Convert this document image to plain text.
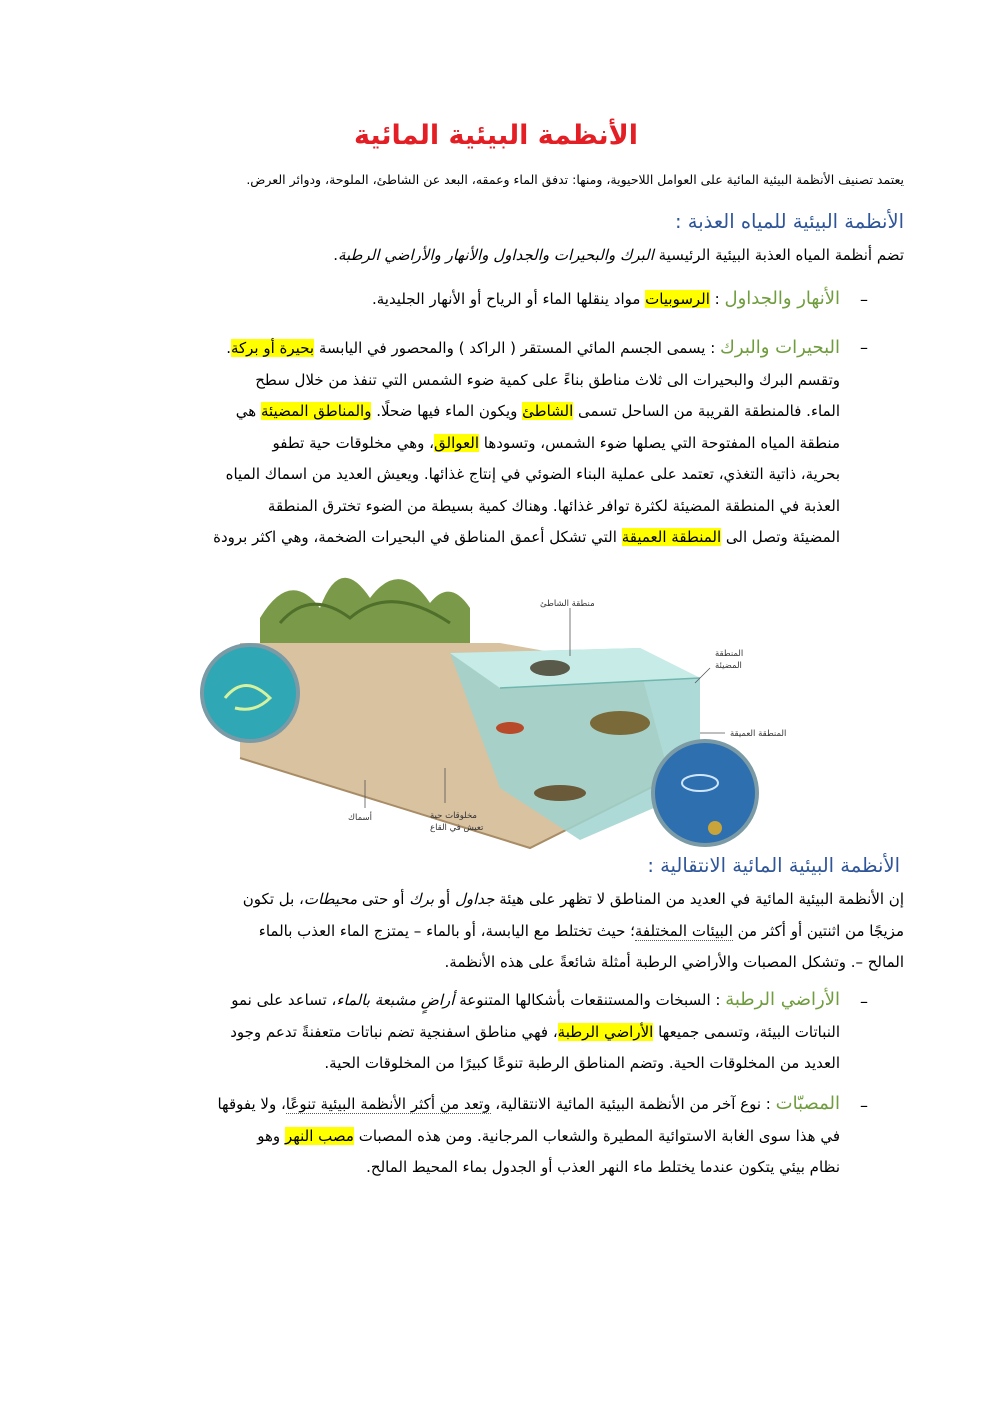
الأنظمة البيئية المائية
يعتمد تصنيف الأنظمة البيئية المائية على العوامل اللاحيوية، ومنها: تدفق الماء وعمقه، البعد عن الشاطئ، الملوحة، ودوائر العرض.
الأنظمة البيئية للمياه العذبة :
تضم أنظمة المياه العذبة البيئية الرئيسية البرك والبحيرات والجداول والأنهار والأراضي الرطبة.
–
الأنهار والجداول : الرسوبيات مواد ينقلها الماء أو الرياح أو الأنهار الجليدية.
–

البحيرات والبرك : يسمى الجسم المائي المستقر ( الراكد ) والمحصور في اليابسة بحيرة أو بركة.

وتقسم البرك والبحيرات الى ثلاث مناطق بناءً على كمية ضوء الشمس التي تنفذ من خلال سطح

الماء. فالمنطقة القريبة من الساحل تسمى الشاطئ ويكون الماء فيها ضحلًا. والمناطق المضيئة هي

منطقة المياه المفتوحة التي يصلها ضوء الشمس، وتسودها العوالق، وهي مخلوقات حية تطفو

بحرية، ذاتية التغذي، تعتمد على عملية البناء الضوئي في إنتاج غذائها. ويعيش العديد من اسماك المياه

العذبة في المنطقة المضيئة لكثرة توافر غذائها. وهناك كمية بسيطة من الضوء تخترق المنطقة

المضيئة وتصل الى المنطقة العميقة التي تشكل أعمق المناطق في البحيرات الضخمة، وهي اكثر برودة

منطقة الشاطئ
المنطقة
المضيئة
المنطقة العميقة
أسماك	مخلوقات حية
تعيش في القاع
الأنظمة البيئية المائية الانتقالية :

إن الأنظمة البيئية المائية في العديد من المناطق لا تظهر على هيئة جداول أو برك أو حتى محيطات، بل تكون

مزيجًا من اثنتين أو أكثر من البيئات المختلفة؛ حيث تختلط مع اليابسة، أو بالماء – يمتزج الماء العذب بالماء

المالح –. وتشكل المصبات والأراضي الرطبة أمثلة شائعةً على هذه الأنظمة.

–

الأراضي الرطبة : السبخات والمستنقعات بأشكالها المتنوعة أراضٍ مشبعة بالماء، تساعد على نمو

النباتات البيئة، وتسمى جميعها الأراضي الرطبة، فهي مناطق اسفنجية تضم نباتات متعفنةً تدعم وجود

العديد من المخلوقات الحية. وتضم المناطق الرطبة تنوعًا كبيرًا من المخلوقات الحية.

–

المصبّات : نوع آخر من الأنظمة البيئية المائية الانتقالية، وتعد من أكثر الأنظمة البيئية تنوعًا، ولا يفوقها

في هذا سوى الغابة الاستوائية المطيرة والشعاب المرجانية. ومن هذه المصبات مصب النهر وهو

نظام بيئي يتكون عندما يختلط ماء النهر العذب أو الجدول بماء المحيط المالح.
